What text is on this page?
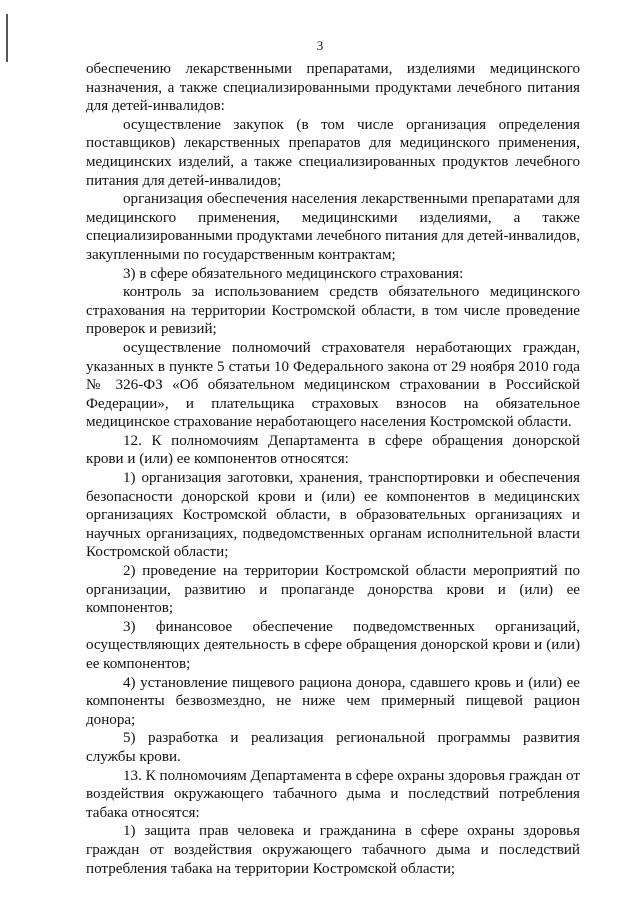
3

обеспечению лекарственными препаратами, изделиями медицинского назначения, а также специализированными продуктами лечебного питания для детей-инвалидов:

осуществление закупок (в том числе организация определения поставщиков) лекарственных препаратов для медицинского применения, медицинских изделий, а также специализированных продуктов лечебного питания для детей-инвалидов;

организация обеспечения населения лекарственными препаратами для медицинского применения, медицинскими изделиями, а также специализированными продуктами лечебного питания для детей-инвалидов, закупленными по государственным контрактам;

3) в сфере обязательного медицинского страхования:

контроль за использованием средств обязательного медицинского страхования на территории Костромской области, в том числе проведение проверок и ревизий;

осуществление полномочий страхователя неработающих граждан, указанных в пункте 5 статьи 10 Федерального закона от 29 ноября 2010 года № 326-ФЗ «Об обязательном медицинском страховании в Российской Федерации», и плательщика страховых взносов на обязательное медицинское страхование неработающего населения Костромской области.

12. К полномочиям Департамента в сфере обращения донорской крови и (или) ее компонентов относятся:

1) организация заготовки, хранения, транспортировки и обеспечения безопасности донорской крови и (или) ее компонентов в медицинских организациях Костромской области, в образовательных организациях и научных организациях, подведомственных органам исполнительной власти Костромской области;

2) проведение на территории Костромской области мероприятий по организации, развитию и пропаганде донорства крови и (или) ее компонентов;

3) финансовое обеспечение подведомственных организаций, осуществляющих деятельность в сфере обращения донорской крови и (или) ее компонентов;

4) установление пищевого рациона донора, сдавшего кровь и (или) ее компоненты безвозмездно, не ниже чем примерный пищевой рацион донора;

5) разработка и реализация региональной программы развития службы крови.

13. К полномочиям Департамента в сфере охраны здоровья граждан от воздействия окружающего табачного дыма и последствий потребления табака относятся:

1) защита прав человека и гражданина в сфере охраны здоровья граждан от воздействия окружающего табачного дыма и последствий потребления табака на территории Костромской области;
